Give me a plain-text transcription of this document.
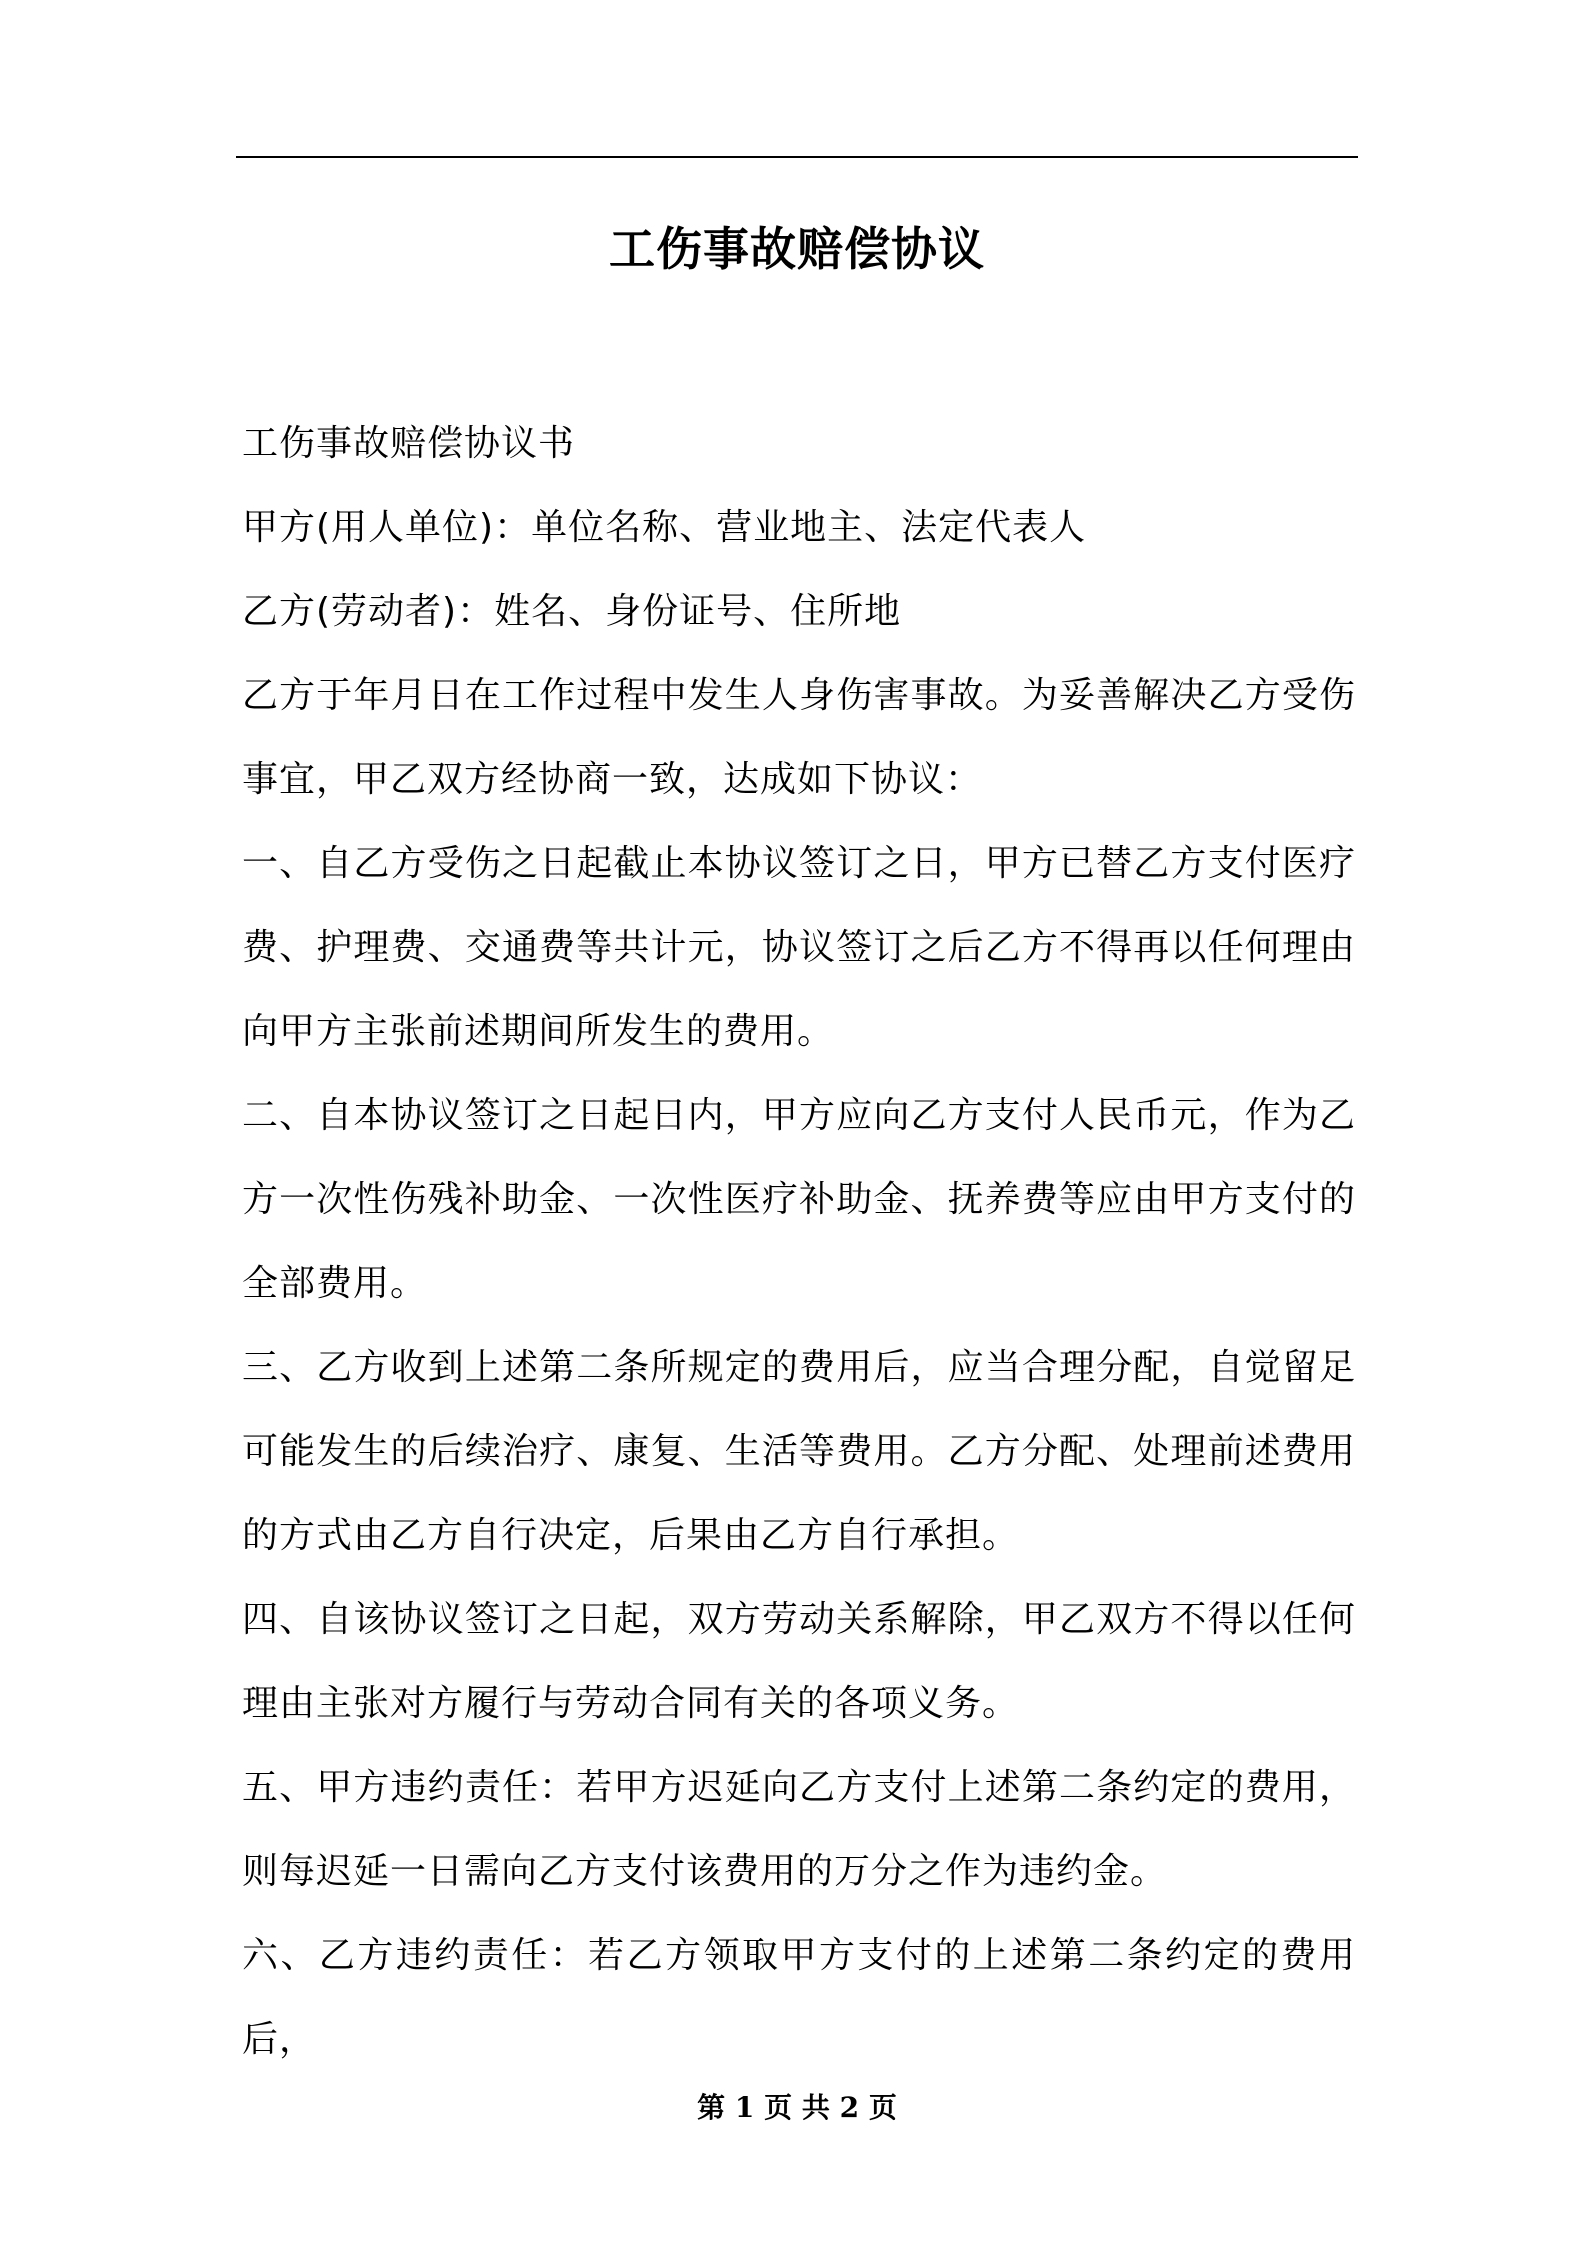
工伤事故赔偿协议

工伤事故赔偿协议书

甲方(用人单位)：单位名称、营业地主、法定代表人

乙方(劳动者)：姓名、身份证号、住所地

乙方于年月日在工作过程中发生人身伤害事故。为妥善解决乙方受伤事宜，甲乙双方经协商一致，达成如下协议：

一、自乙方受伤之日起截止本协议签订之日，甲方已替乙方支付医疗费、护理费、交通费等共计元，协议签订之后乙方不得再以任何理由向甲方主张前述期间所发生的费用。

二、自本协议签订之日起日内，甲方应向乙方支付人民币元，作为乙方一次性伤残补助金、一次性医疗补助金、抚养费等应由甲方支付的全部费用。

三、乙方收到上述第二条所规定的费用后，应当合理分配，自觉留足可能发生的后续治疗、康复、生活等费用。乙方分配、处理前述费用的方式由乙方自行决定，后果由乙方自行承担。

四、自该协议签订之日起，双方劳动关系解除，甲乙双方不得以任何理由主张对方履行与劳动合同有关的各项义务。

五、甲方违约责任：若甲方迟延向乙方支付上述第二条约定的费用，则每迟延一日需向乙方支付该费用的万分之作为违约金。

六、乙方违约责任：若乙方领取甲方支付的上述第二条约定的费用后，

第 1 页 共 2 页
